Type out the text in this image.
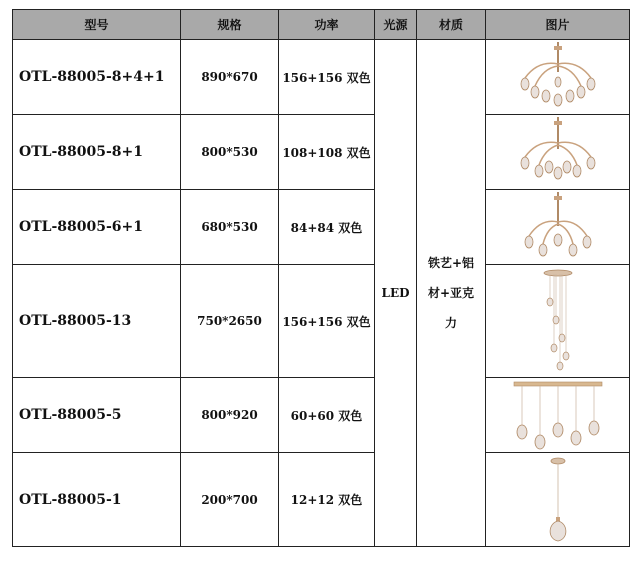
型号	规格	功率	光源	材质	图片
OTL-88005-8+4+1	890*670	156+156 双色	LED	铁艺+铝
材+亚克
力

OTL-88005-8+1	800*530	108+108 双色	

OTL-88005-6+1	680*530	84+84 双色	

OTL-88005-13	750*2650	156+156 双色	

OTL-88005-5	800*920	60+60 双色	

OTL-88005-1	200*700	12+12 双色	
